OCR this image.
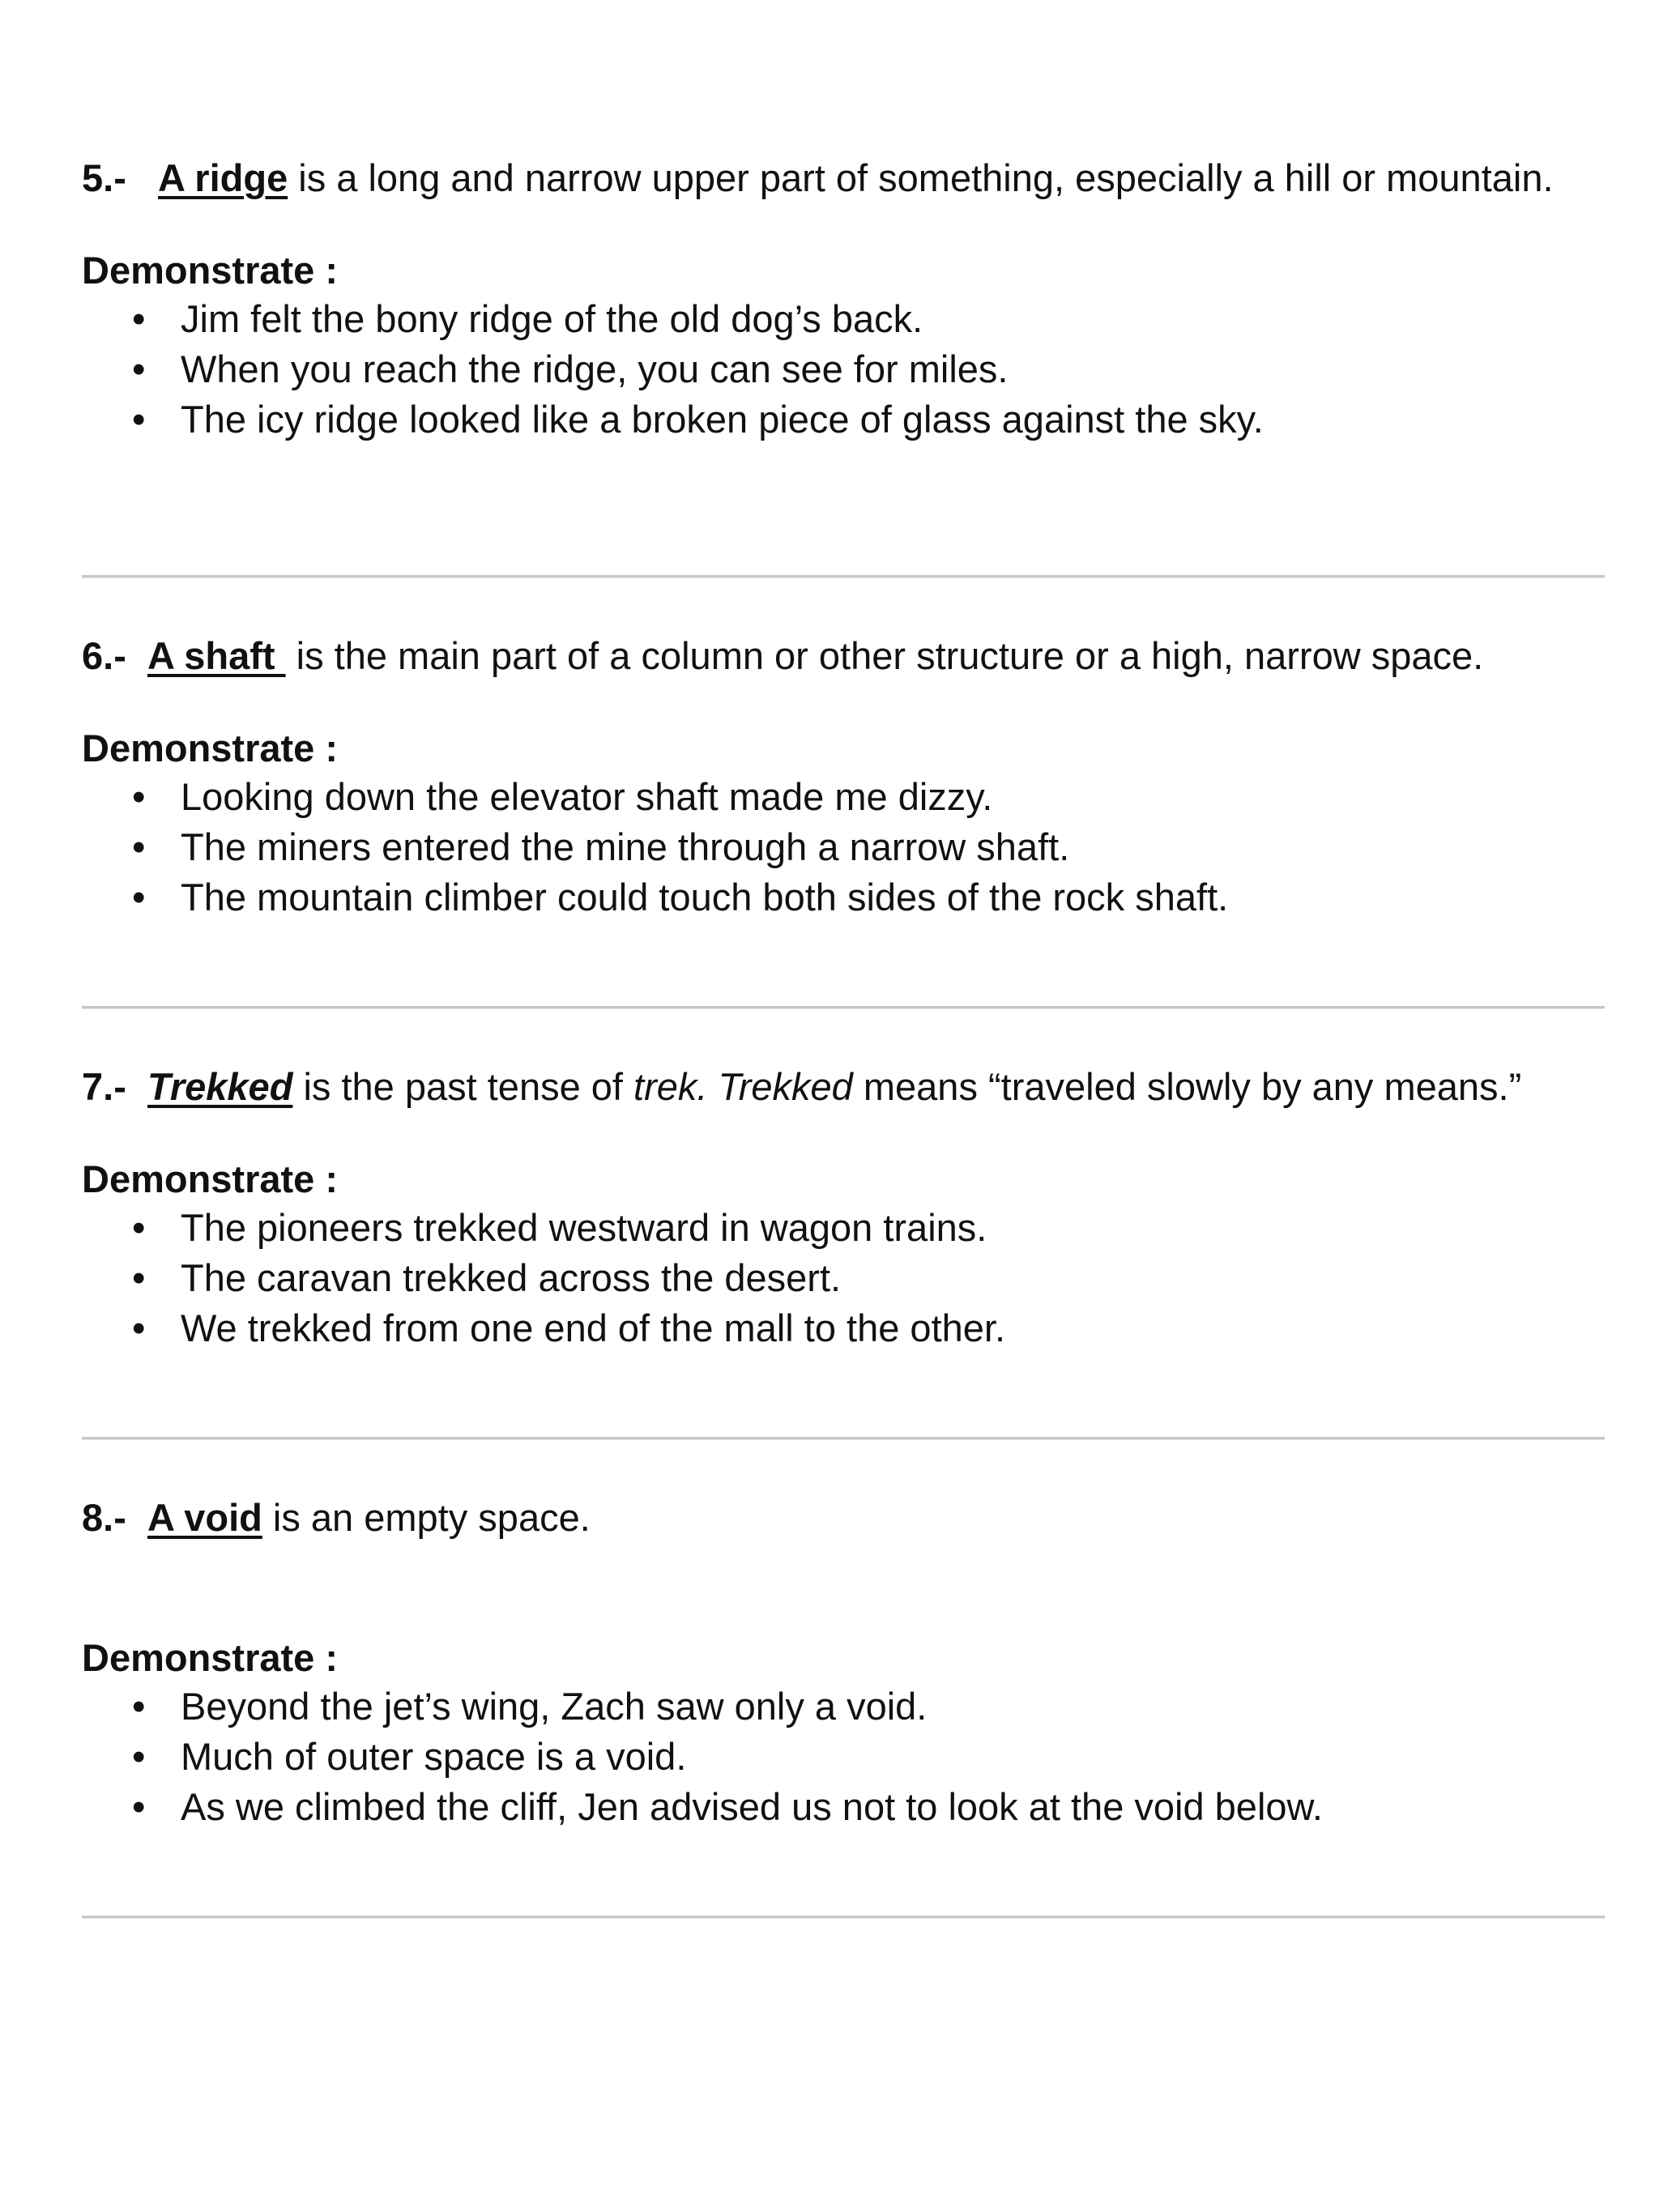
5.- A ridge is a long and narrow upper part of something, especially a hill or mountain.

Demonstrate :

• Jim felt the bony ridge of the old dog’s back.
• When you reach the ridge, you can see for miles.
• The icy ridge looked like a broken piece of glass against the sky.

6.- A shaft  is the main part of a column or other structure or a high, narrow space.

Demonstrate :

• Looking down the elevator shaft made me dizzy.
• The miners entered the mine through a narrow shaft.
• The mountain climber could touch both sides of the rock shaft.

7.- Trekked is the past tense of trek. Trekked means “traveled slowly by any means.”

Demonstrate :

• The pioneers trekked westward in wagon trains.
• The caravan trekked across the desert.
• We trekked from one end of the mall to the other.

8.- A void is an empty space.

Demonstrate :

• Beyond the jet’s wing, Zach saw only a void.
• Much of outer space is a void.
• As we climbed the cliff, Jen advised us not to look at the void below.
